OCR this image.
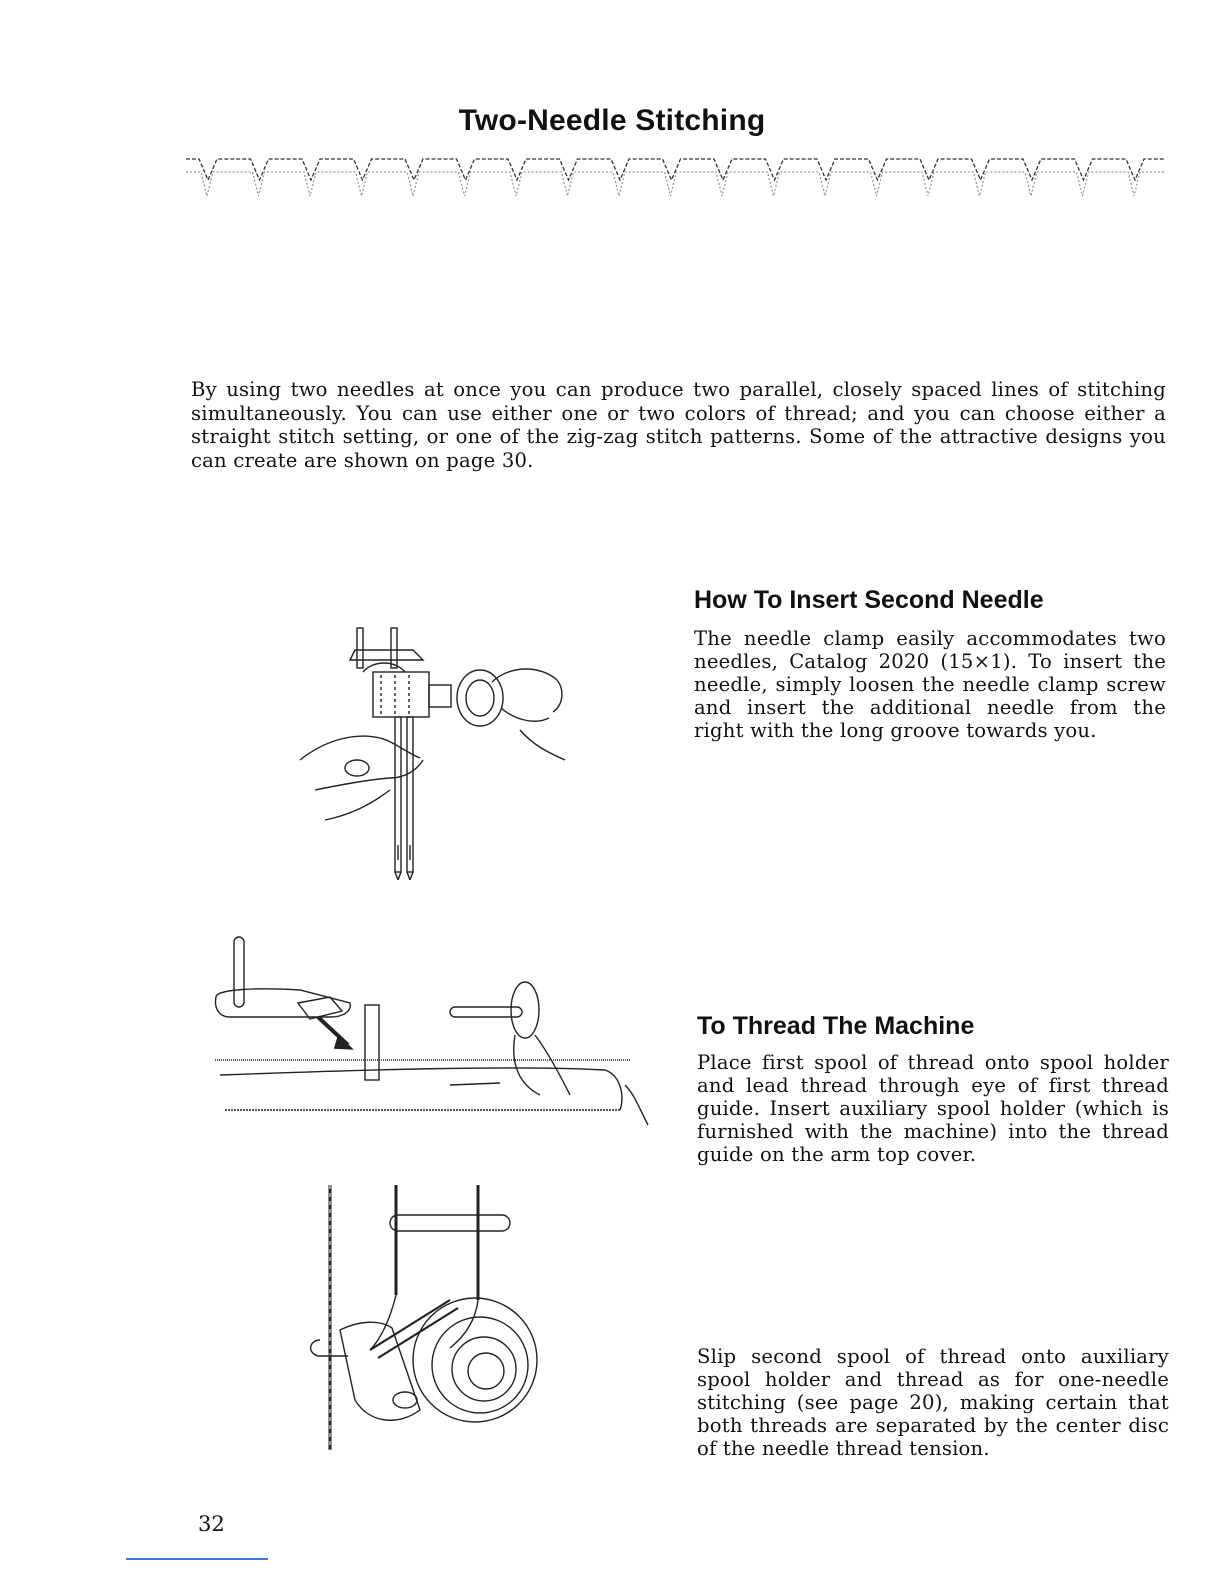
Two-Needle Stitching

By using two needles at once you can produce two parallel, closely spaced lines of stitching simultaneously. You can use either one or two colors of thread; and you can choose either a straight stitch setting, or one of the zig-zag stitch patterns. Some of the attractive designs you can create are shown on page 30.

How To Insert Second Needle

The needle clamp easily accommodates two needles, Catalog 2020 (15×1). To insert the needle, simply loosen the needle clamp screw and insert the additional needle from the right with the long groove towards you.

To Thread The Machine

Place first spool of thread onto spool holder and lead thread through eye of first thread guide. Insert auxiliary spool holder (which is furnished with the machine) into the thread guide on the arm top cover.

Slip second spool of thread onto auxiliary spool holder and thread as for one-needle stitching (see page 20), making certain that both threads are separated by the center disc of the needle thread tension.

32
